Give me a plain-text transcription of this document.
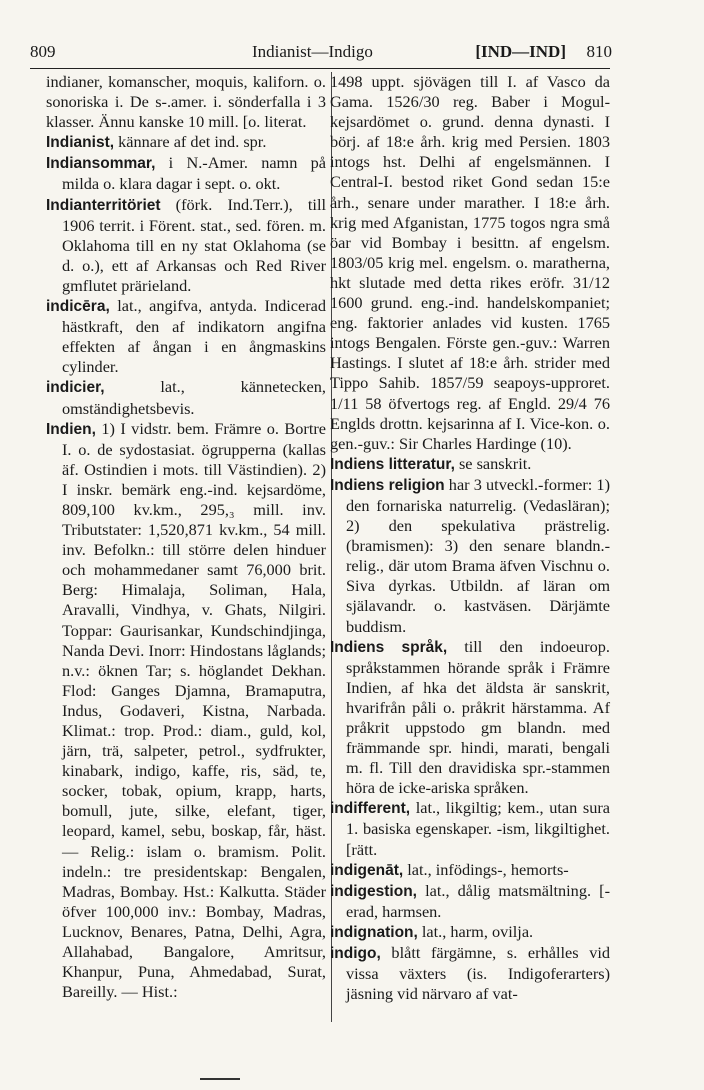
809	Indianist—Indigo	[IND—IND] 810

indianer, komanscher, moquis, kaliforn. o. sonoriska i. De s-.amer. i. sönderfalla i 3 klasser. Ännu kanske 10 mill. [o. literat.

Indianist, kännare af det ind. spr.

Indiansommar, i N.-Amer. namn på milda o. klara dagar i sept. o. okt.

Indianterritöriet (förk. Ind.Terr.), till 1906 territ. i Förent. stat., sed. fören. m. Oklahoma till en ny stat Oklahoma (se d. o.), ett af Arkansas och Red River gmflutet prärieland.

indicēra, lat., angifva, antyda. Indicerad hästkraft, den af indikatorn angifna effekten af ångan i en ångmaskins cylinder.

indicier, lat., kännetecken, omständighetsbevis.

Indien, 1) I vidstr. bem. Främre o. Bortre I. o. de sydostasiat. ögrupperna (kallas äf. Ostindien i mots. till Västindien). 2) I inskr. bemärk eng.-ind. kejsardöme, 809,100 kv.km., 295,₃ mill. inv. Tributstater: 1,520,871 kv.km., 54 mill. inv. Befolkn.: till större delen hinduer och mohammedaner samt 76,000 brit. Berg: Himalaja, Soliman, Hala, Aravalli, Vindhya, v. Ghats, Nilgiri. Toppar: Gaurisankar, Kundschindjinga, Nanda Devi. Inorr: Hindostans låglands; n.v.: öknen Tar; s. höglandet Dekhan. Flod: Ganges Djamna, Bramaputra, Indus, Godaveri, Kistna, Narbada. Klimat.: trop. Prod.: diam., guld, kol, järn, trä, salpeter, petrol., sydfrukter, kinabark, indigo, kaffe, ris, säd, te, socker, tobak, opium, krapp, harts, bomull, jute, silke, elefant, tiger, leopard, kamel, sebu, boskap, får, häst. — Relig.: islam o. bramism. Polit. indeln.: tre presidentskap: Bengalen, Madras, Bombay. Hst.: Kalkutta. Städer öfver 100,000 inv.: Bombay, Madras, Lucknov, Benares, Patna, Delhi, Agra, Allahabad, Bangalore, Amritsur, Khanpur, Puna, Ahmedabad, Surat, Bareilly. — Hist.:

1498 uppt. sjövägen till I. af Vasco da Gama. 1526/30 reg. Baber i Mogul-kejsardömet o. grund. denna dynasti. I börj. af 18:e årh. krig med Persien. 1803 intogs hst. Delhi af engelsmännen. I Central-I. bestod riket Gond sedan 15:e årh., senare under marather. I 18:e årh. krig med Afganistan, 1775 togos ngra små öar vid Bombay i besittn. af engelsm. 1803/05 krig mel. engelsm. o. maratherna, hkt slutade med detta rikes eröfr. 31/12 1600 grund. eng.-ind. handelskompaniet; eng. faktorier anlades vid kusten. 1765 intogs Bengalen. Förste gen.-guv.: Warren Hastings. I slutet af 18:e årh. strider med Tippo Sahib. 1857/59 seapoys-upproret. 1/11 58 öfvertogs reg. af Engld. 29/4 76 Englds drottn. kejsarinna af I. Vice-kon. o. gen.-guv.: Sir Charles Hardinge (10).

Indiens litteratur, se sanskrit.

Indiens religion har 3 utveckl.-former: 1) den fornariska naturrelig. (Vedasläran); 2) den spekulativa prästrelig. (bramismen): 3) den senare blandn.-relig., där utom Brama äfven Vischnu o. Siva dyrkas. Utbildn. af läran om själavandr. o. kastväsen. Därjämte buddism.

Indiens språk, till den indoeurop. språkstammen hörande språk i Främre Indien, af hka det äldsta är sanskrit, hvarifrån påli o. pråkrit härstamma. Af pråkrit uppstodo gm blandn. med främmande spr. hindi, marati, bengali m. fl. Till den dravidiska spr.-stammen höra de icke-ariska språken.

indifferent, lat., likgiltig; kem., utan sura 1. basiska egenskaper. -ism, likgiltighet. [rätt.

indigenāt, lat., infödings-, hemorts-

indigestion, lat., dålig matsmältning. [-erad, harmsen.

indignation, lat., harm, ovilja.

indigo, blått färgämne, s. erhålles vid vissa växters (is. Indigoferarters) jäsning vid närvaro af vat-
